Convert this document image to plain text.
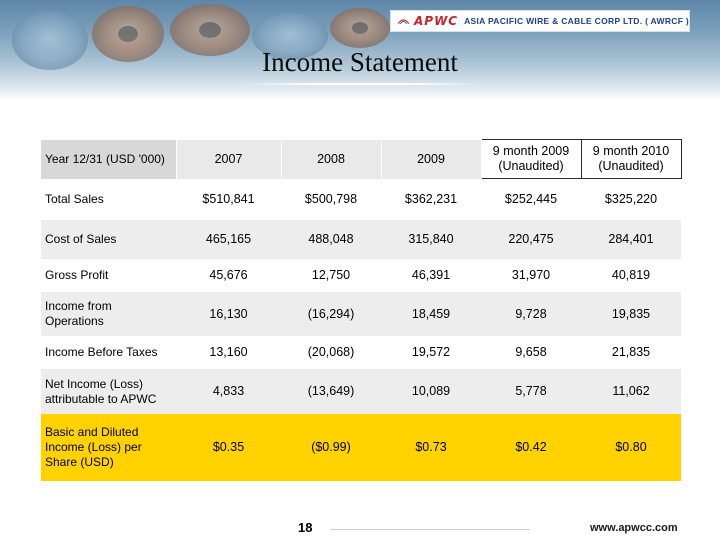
APWC ASIA PACIFIC WIRE & CABLE CORP LTD. ( AWRCF )
Income Statement
Year 12/31 (USD '000)	2007	2008	2009	9 month 2009 (Unaudited)	9 month 2010 (Unaudited)
Total Sales	$510,841	$500,798	$362,231	$252,445	$325,220
Cost of Sales	465,165	488,048	315,840	220,475	284,401
Gross Profit	45,676	12,750	46,391	31,970	40,819
Income from Operations	16,130	(16,294)	18,459	9,728	19,835
Income Before Taxes	13,160	(20,068)	19,572	9,658	21,835
Net Income (Loss) attributable to APWC	4,833	(13,649)	10,089	5,778	11,062
Basic and Diluted Income (Loss) per Share (USD)	$0.35	($0.99)	$0.73	$0.42	$0.80
18	www.apwcc.com
